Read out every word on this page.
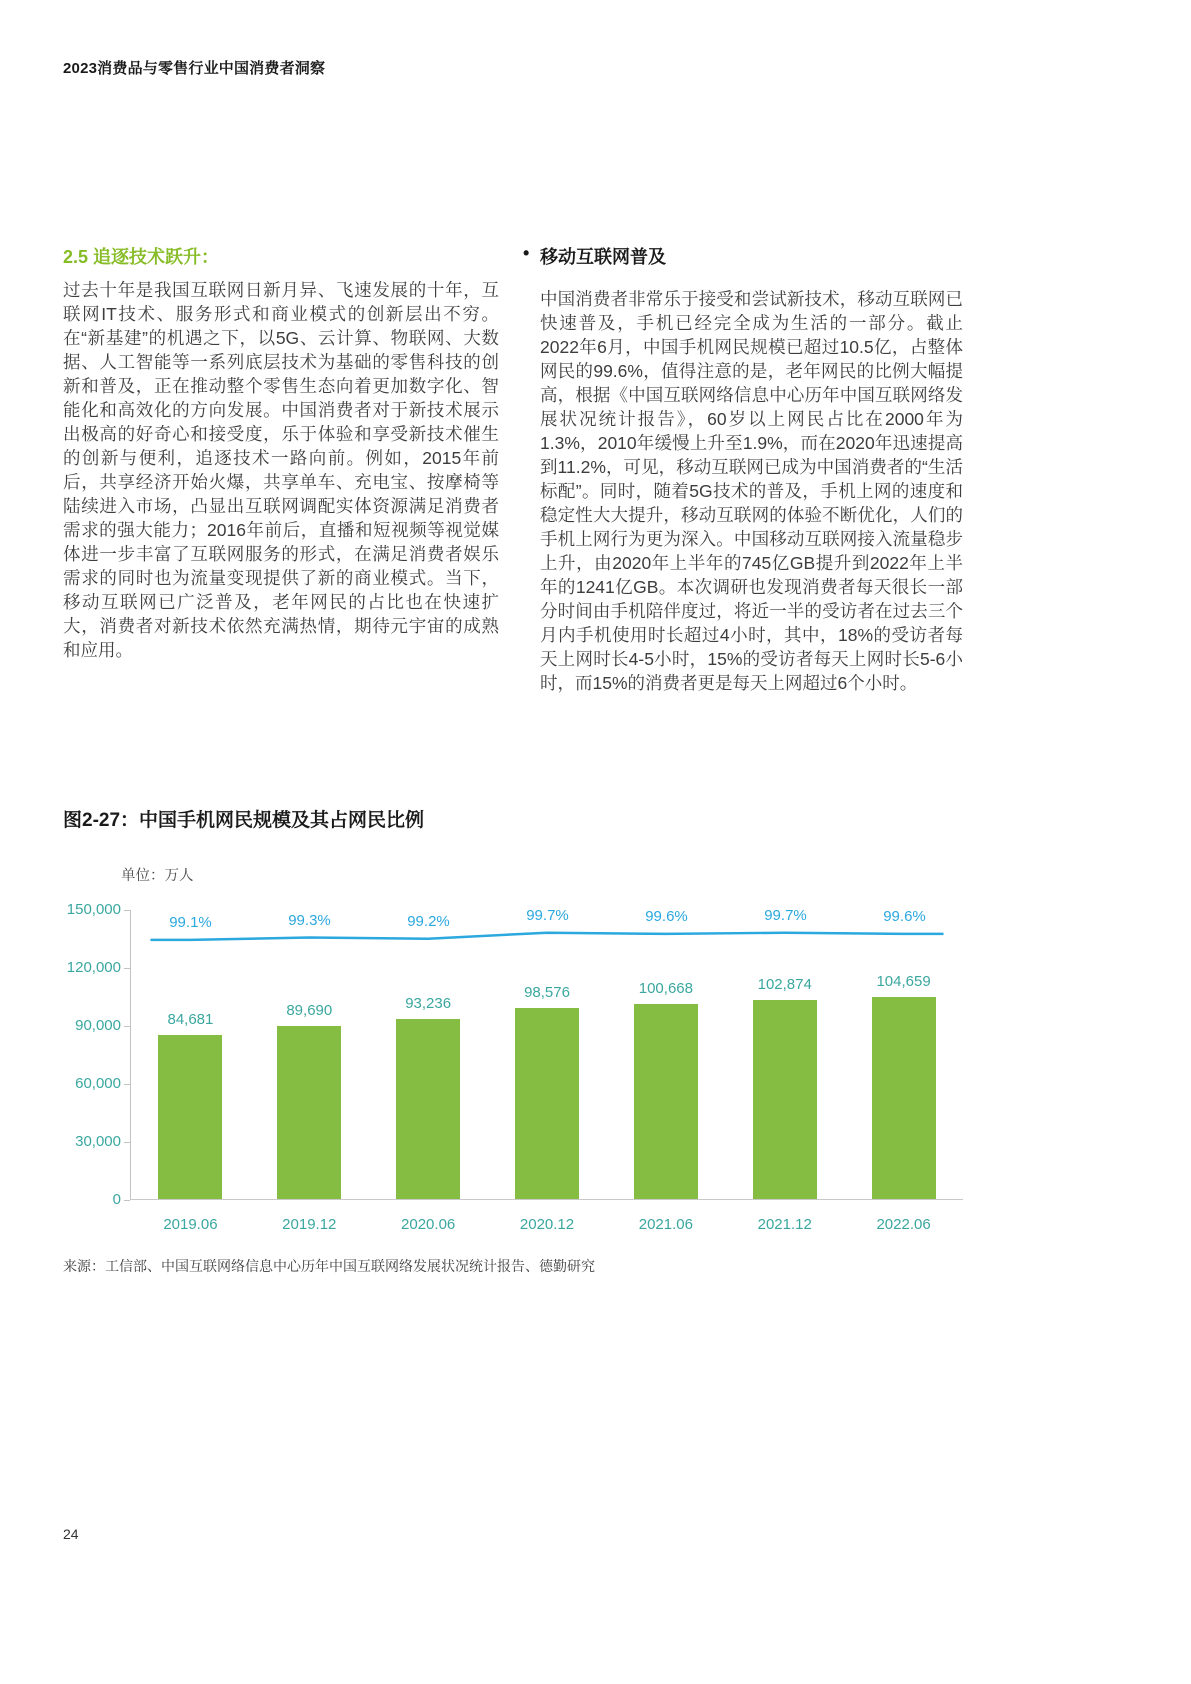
2023消费品与零售行业中国消费者洞察
2.5 追逐技术跃升：
过去十年是我国互联网日新月异、飞速发展的十年，互联网IT技术、服务形式和商业模式的创新层出不穷。在“新基建”的机遇之下，以5G、云计算、物联网、大数据、人工智能等一系列底层技术为基础的零售科技的创新和普及，正在推动整个零售生态向着更加数字化、智能化和高效化的方向发展。中国消费者对于新技术展示出极高的好奇心和接受度，乐于体验和享受新技术催生的创新与便利，追逐技术一路向前。例如，2015年前后，共享经济开始火爆，共享单车、充电宝、按摩椅等陆续进入市场，凸显出互联网调配实体资源满足消费者需求的强大能力；2016年前后，直播和短视频等视觉媒体进一步丰富了互联网服务的形式，在满足消费者娱乐需求的同时也为流量变现提供了新的商业模式。当下，移动互联网已广泛普及，老年网民的占比也在快速扩大，消费者对新技术依然充满热情，期待元宇宙的成熟和应用。
• 移动互联网普及
中国消费者非常乐于接受和尝试新技术，移动互联网已快速普及，手机已经完全成为生活的一部分。截止2022年6月，中国手机网民规模已超过10.5亿，占整体网民的99.6%，值得注意的是，老年网民的比例大幅提高，根据《中国互联网络信息中心历年中国互联网络发展状况统计报告》，60岁以上网民占比在2000年为1.3%，2010年缓慢上升至1.9%，而在2020年迅速提高到11.2%，可见，移动互联网已成为中国消费者的“生活标配”。同时，随着5G技术的普及，手机上网的速度和稳定性大大提升，移动互联网的体验不断优化，人们的手机上网行为更为深入。中国移动互联网接入流量稳步上升，由2020年上半年的745亿GB提升到2022年上半年的1241亿GB。本次调研也发现消费者每天很长一部分时间由手机陪伴度过，将近一半的受访者在过去三个月内手机使用时长超过4小时，其中，18%的受访者每天上网时长4-5小时，15%的受访者每天上网时长5-6小时，而15%的消费者更是每天上网超过6个小时。
图2-27：中国手机网民规模及其占网民比例
单位：万人
84,681
2019.06
89,690
2019.12
93,236
2020.06
98,576
2020.12
100,668
2021.06
102,874
2021.12
104,659
2022.06
99.1%	99.3%	99.2%	99.7%	99.6%	99.7%	99.6%
150,000
120,000
90,000
60,000
30,000
0
来源：工信部、中国互联网络信息中心历年中国互联网络发展状况统计报告、德勤研究
24
